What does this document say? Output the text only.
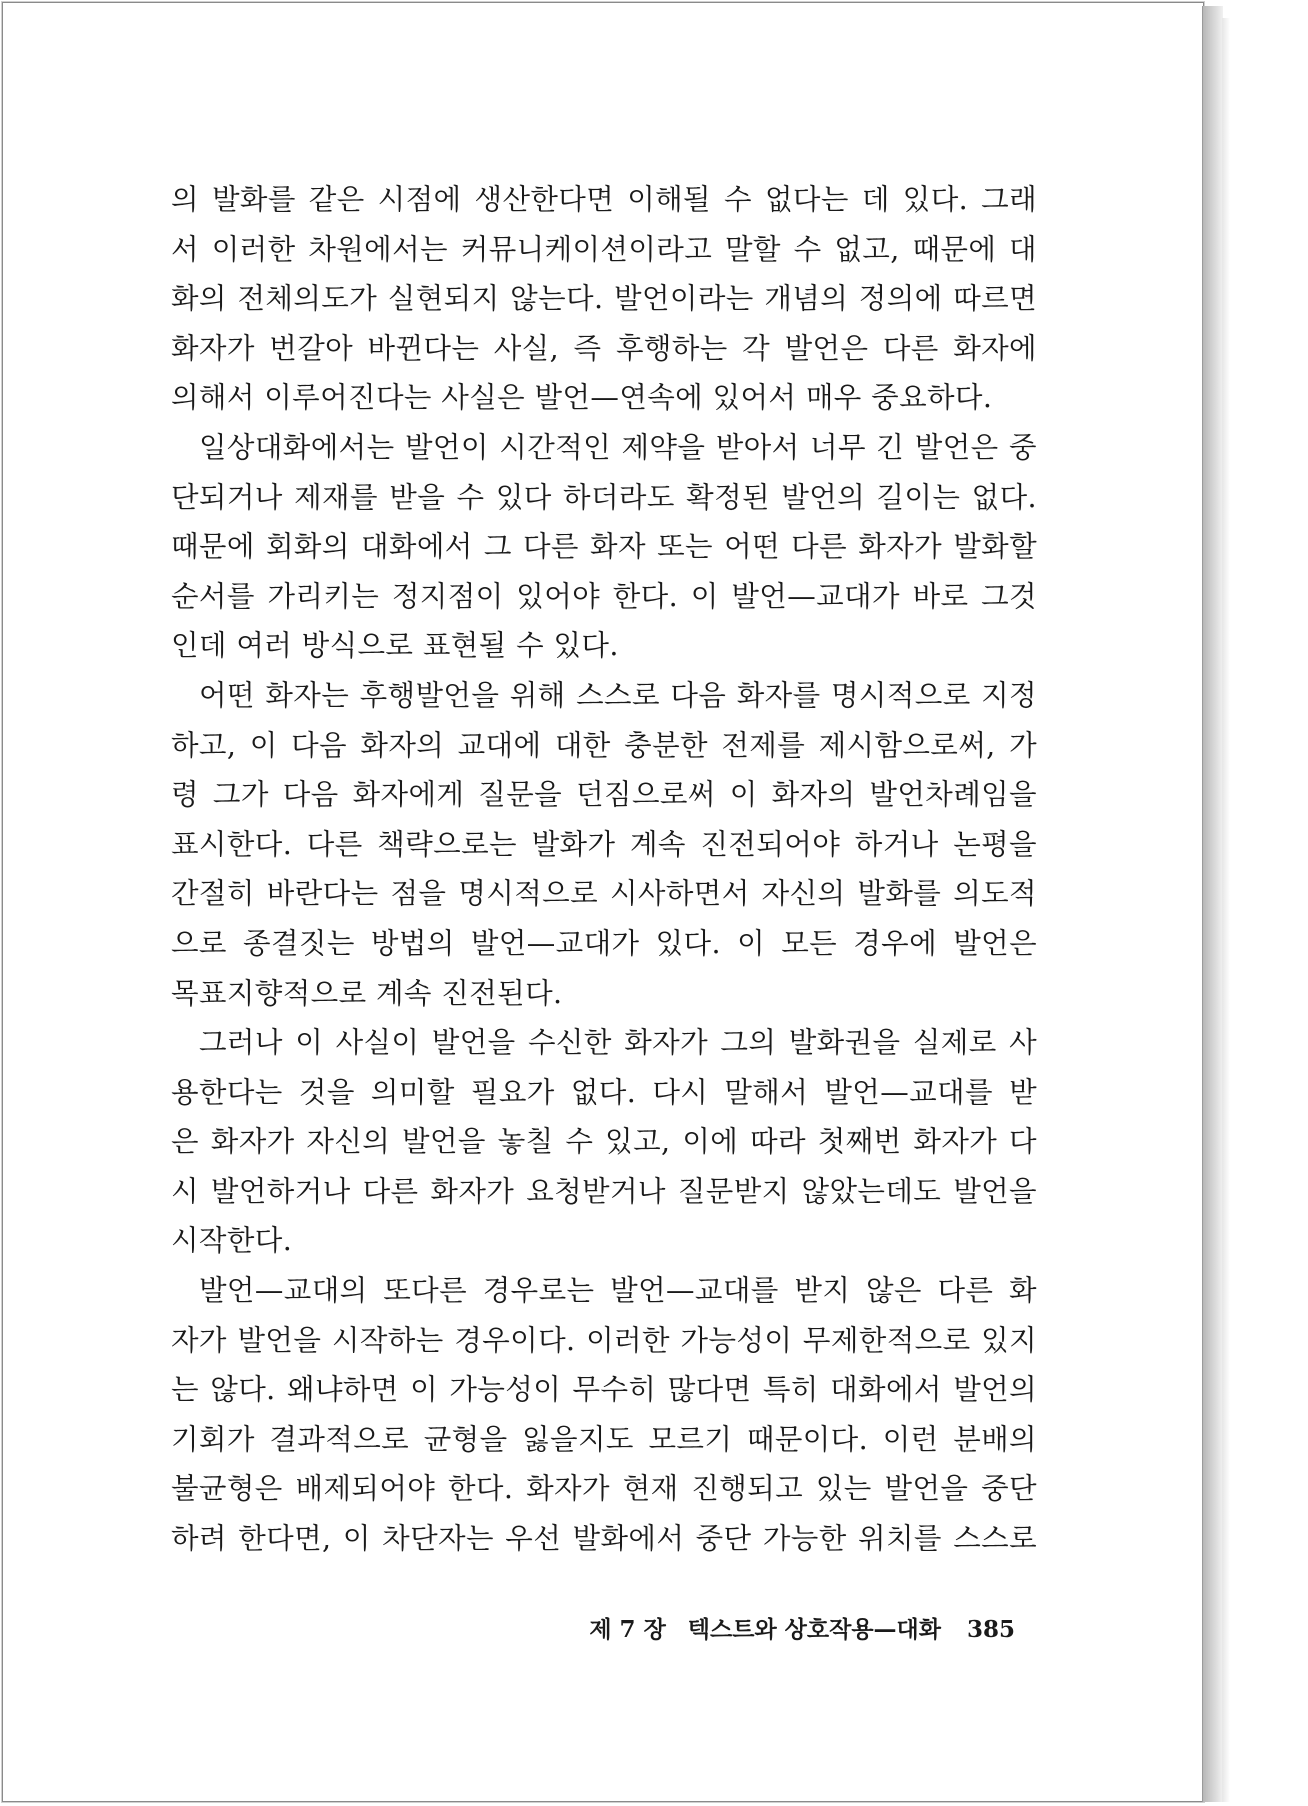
의 발화를 같은 시점에 생산한다면 이해될 수 없다는 데 있다. 그래
서 이러한 차원에서는 커뮤니케이션이라고 말할 수 없고, 때문에 대
화의 전체의도가 실현되지 않는다. 발언이라는 개념의 정의에 따르면
화자가 번갈아 바뀐다는 사실, 즉 후행하는 각 발언은 다른 화자에
의해서 이루어진다는 사실은 발언—연속에 있어서 매우 중요하다.
일상대화에서는 발언이 시간적인 제약을 받아서 너무 긴 발언은 중
단되거나 제재를 받을 수 있다 하더라도 확정된 발언의 길이는 없다.
때문에 회화의 대화에서 그 다른 화자 또는 어떤 다른 화자가 발화할
순서를 가리키는 정지점이 있어야 한다. 이 발언—교대가 바로 그것
인데 여러 방식으로 표현될 수 있다.
어떤 화자는 후행발언을 위해 스스로 다음 화자를 명시적으로 지정
하고, 이 다음 화자의 교대에 대한 충분한 전제를 제시함으로써, 가
령 그가 다음 화자에게 질문을 던짐으로써 이 화자의 발언차례임을
표시한다. 다른 책략으로는 발화가 계속 진전되어야 하거나 논평을
간절히 바란다는 점을 명시적으로 시사하면서 자신의 발화를 의도적
으로 종결짓는 방법의 발언—교대가 있다. 이 모든 경우에 발언은
목표지향적으로 계속 진전된다.
그러나 이 사실이 발언을 수신한 화자가 그의 발화권을 실제로 사
용한다는 것을 의미할 필요가 없다. 다시 말해서 발언—교대를 받
은 화자가 자신의 발언을 놓칠 수 있고, 이에 따라 첫째번 화자가 다
시 발언하거나 다른 화자가 요청받거나 질문받지 않았는데도 발언을
시작한다.
발언—교대의 또다른 경우로는 발언—교대를 받지 않은 다른 화
자가 발언을 시작하는 경우이다. 이러한 가능성이 무제한적으로 있지
는 않다. 왜냐하면 이 가능성이 무수히 많다면 특히 대화에서 발언의
기회가 결과적으로 균형을 잃을지도 모르기 때문이다. 이런 분배의
불균형은 배제되어야 한다. 화자가 현재 진행되고 있는 발언을 중단
하려 한다면, 이 차단자는 우선 발화에서 중단 가능한 위치를 스스로
제 7 장 텍스트와 상호작용—대화 385
